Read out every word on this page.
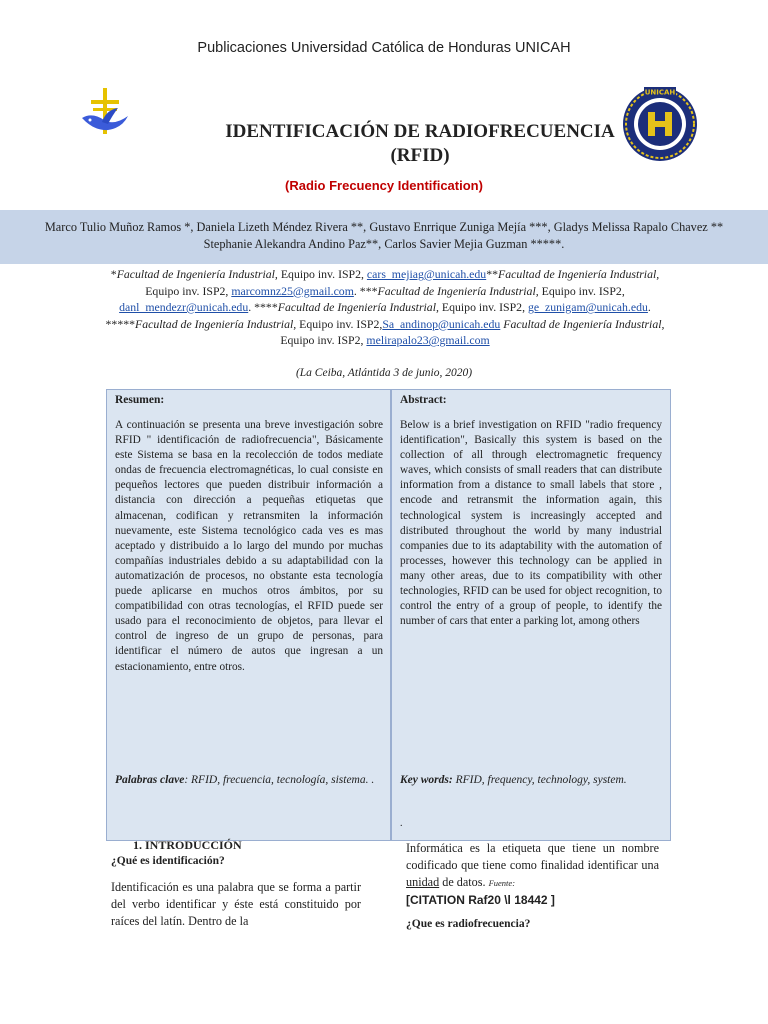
Publicaciones Universidad Católica de Honduras UNICAH
UNICAH
IDENTIFICACIÓN DE RADIOFRECUENCIA
(RFID)
(Radio Frecuency Identification)
Marco Tulio Muñoz Ramos *, Daniela Lizeth Méndez Rivera **, Gustavo Enrrique Zuniga Mejía ***, Gladys Melissa Rapalo Chavez **
Stephanie Alekandra Andino Paz**, Carlos Savier Mejia Guzman *****.
*Facultad de Ingeniería Industrial, Equipo inv. ISP2, cars_mejiag@unicah.edu**Facultad de Ingeniería Industrial, Equipo inv. ISP2, marcomnz25@gmail.com. ***Facultad de Ingeniería Industrial, Equipo inv. ISP2, danl_mendezr@unicah.edu. ****Facultad de Ingeniería Industrial, Equipo inv. ISP2, ge_zunigam@unicah.edu. *****Facultad de Ingeniería Industrial, Equipo inv. ISP2,Sa_andinop@unicah.edu Facultad de Ingeniería Industrial, Equipo inv. ISP2, melirapalo23@gmail.com
(La Ceiba, Atlántida 3 de junio, 2020)
Resumen:
A continuación se presenta una breve investigación sobre RFID " identificación de radiofrecuencia", Básicamente este Sistema se basa en la recolección de todos mediate ondas de frecuencia electromagnéticas, lo cual consiste en pequeños lectores que pueden distribuir información a distancia con dirección a pequeñas etiquetas que almacenan, codifican y retransmiten la información nuevamente, este Sistema tecnológico cada ves es mas aceptado y distribuido a lo largo del mundo por muchas compañías industriales debido a su adaptabilidad con la automatización de procesos, no obstante esta tecnología puede aplicarse en muchos otros ámbitos, por su compatibilidad con otras tecnologías, el RFID puede ser usado para el reconocimiento de objetos, para llevar el control de ingreso de un grupo de personas, para identificar el número de autos que ingresan a un estacionamiento, entre otros.
Palabras clave: RFID, frecuencia, tecnología, sistema. .
Abstract:
Below is a brief investigation on RFID "radio frequency identification", Basically this system is based on the collection of all through electromagnetic frequency waves, which consists of small readers that can distribute information from a distance to small labels that store , encode and retransmit the information again, this technological system is increasingly accepted and distributed throughout the world by many industrial companies due to its adaptability with the automation of processes, however this technology can be applied in many other areas, due to its compatibility with other technologies, RFID can be used for object recognition, to control the entry of a group of people, to identify the number of cars that enter a parking lot, among others
Key words: RFID, frequency, technology, system.
.
1. INTRODUCCIÓN
¿Qué es identificación?
Identificación es una palabra que se forma a partir del verbo identificar y éste está constituido por raíces del latín. Dentro de la
Informática es la etiqueta que tiene un nombre codificado que tiene como finalidad identificar una unidad de datos. Fuente:
[CITATION Raf20 \l 18442 ]
¿Que es radiofrecuencia?
